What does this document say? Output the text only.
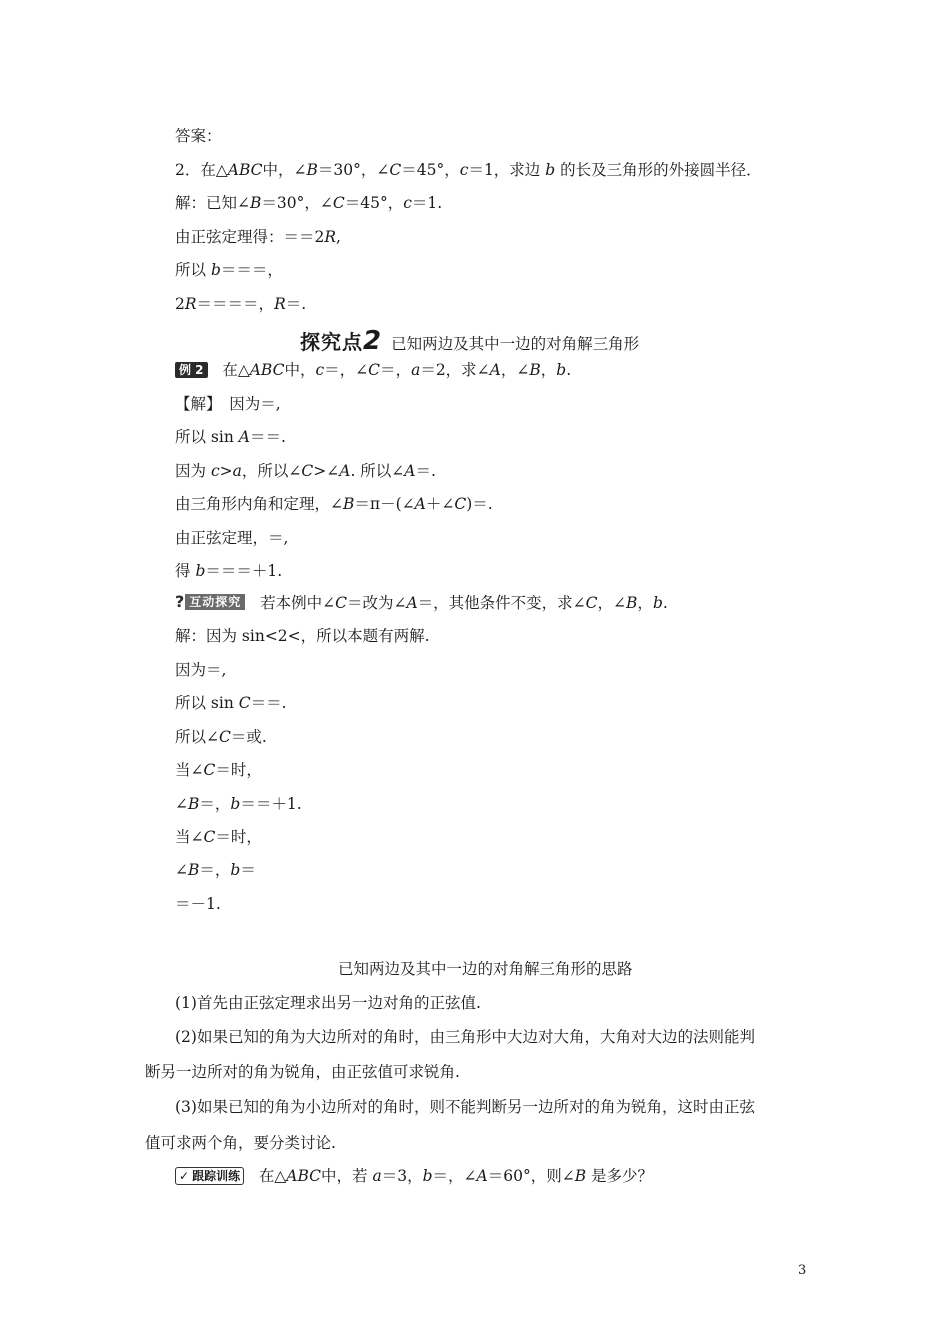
答案：
2．在△ABC中，∠B＝30°，∠C＝45°，c＝1，求边 b 的长及三角形的外接圆半径．
解：已知∠B＝30°，∠C＝45°，c＝1.
由正弦定理得：＝＝2R,
所以 b＝＝＝，
2R＝＝＝＝，R＝.
探究点2 已知两边及其中一边的对角解三角形
例 2 在△ABC中，c＝，∠C＝，a＝2，求∠A，∠B，b.
【解】　因为＝,
所以 sin A＝＝.
因为 c>a，所以∠C>∠A. 所以∠A＝.
由三角形内角和定理，∠B＝π－(∠A＋∠C)＝.
由正弦定理，＝,
得 b＝＝＝＋1.
? 互动探究 若本例中∠C＝改为∠A＝，其他条件不变，求∠C，∠B，b.
解：因为 sin<2<，所以本题有两解.
因为＝,
所以 sin C＝＝.
所以∠C＝或.
当∠C＝时，
∠B＝，b＝＝＋1.
当∠C＝时，
∠B＝，b＝
＝－1.
已知两边及其中一边的对角解三角形的思路
(1)首先由正弦定理求出另一边对角的正弦值.
(2)如果已知的角为大边所对的角时，由三角形中大边对大角，大角对大边的法则能判
断另一边所对的角为锐角，由正弦值可求锐角.
(3)如果已知的角为小边所对的角时，则不能判断另一边所对的角为锐角，这时由正弦
值可求两个角，要分类讨论.
✓ 跟踪训练 在△ABC中，若 a＝3，b＝，∠A＝60°，则∠B 是多少？
3
